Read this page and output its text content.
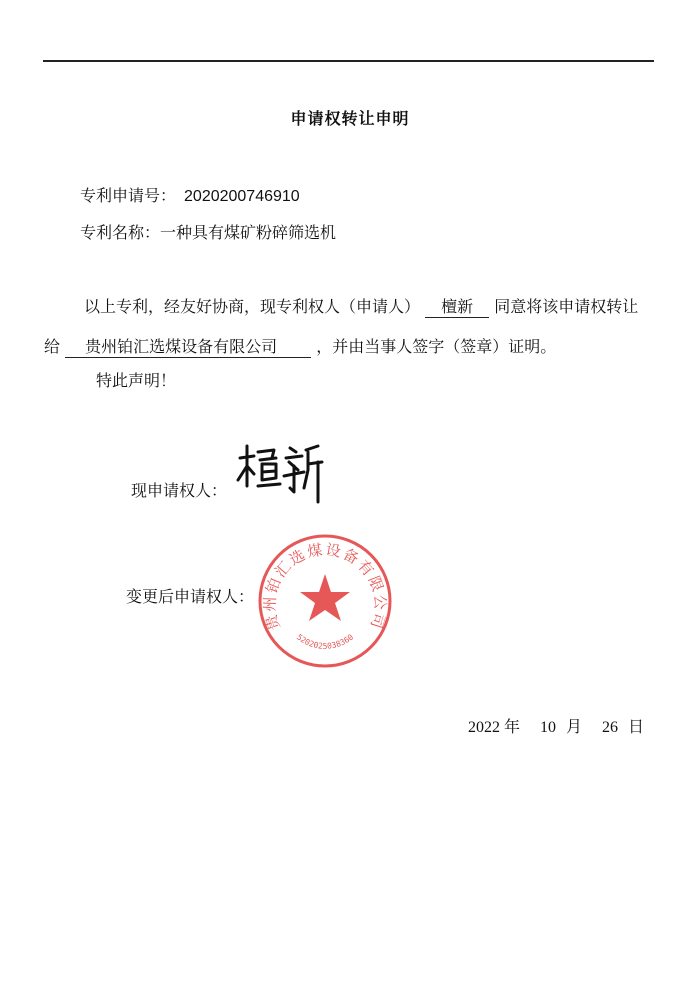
申请权转让申明
专利申请号： 2020200746910
专利名称：一种具有煤矿粉碎筛选机
以上专利，经友好协商，现专利权人（申请人） 檀新 同意将该申请权转让给 贵州铂汇选煤设备有限公司 ，并由当事人签字（签章）证明。
特此声明！
现申请权人：
变更后申请权人：
贵州铂汇选煤设备有限公司
5202025038360
2022 年 10 月 26 日
